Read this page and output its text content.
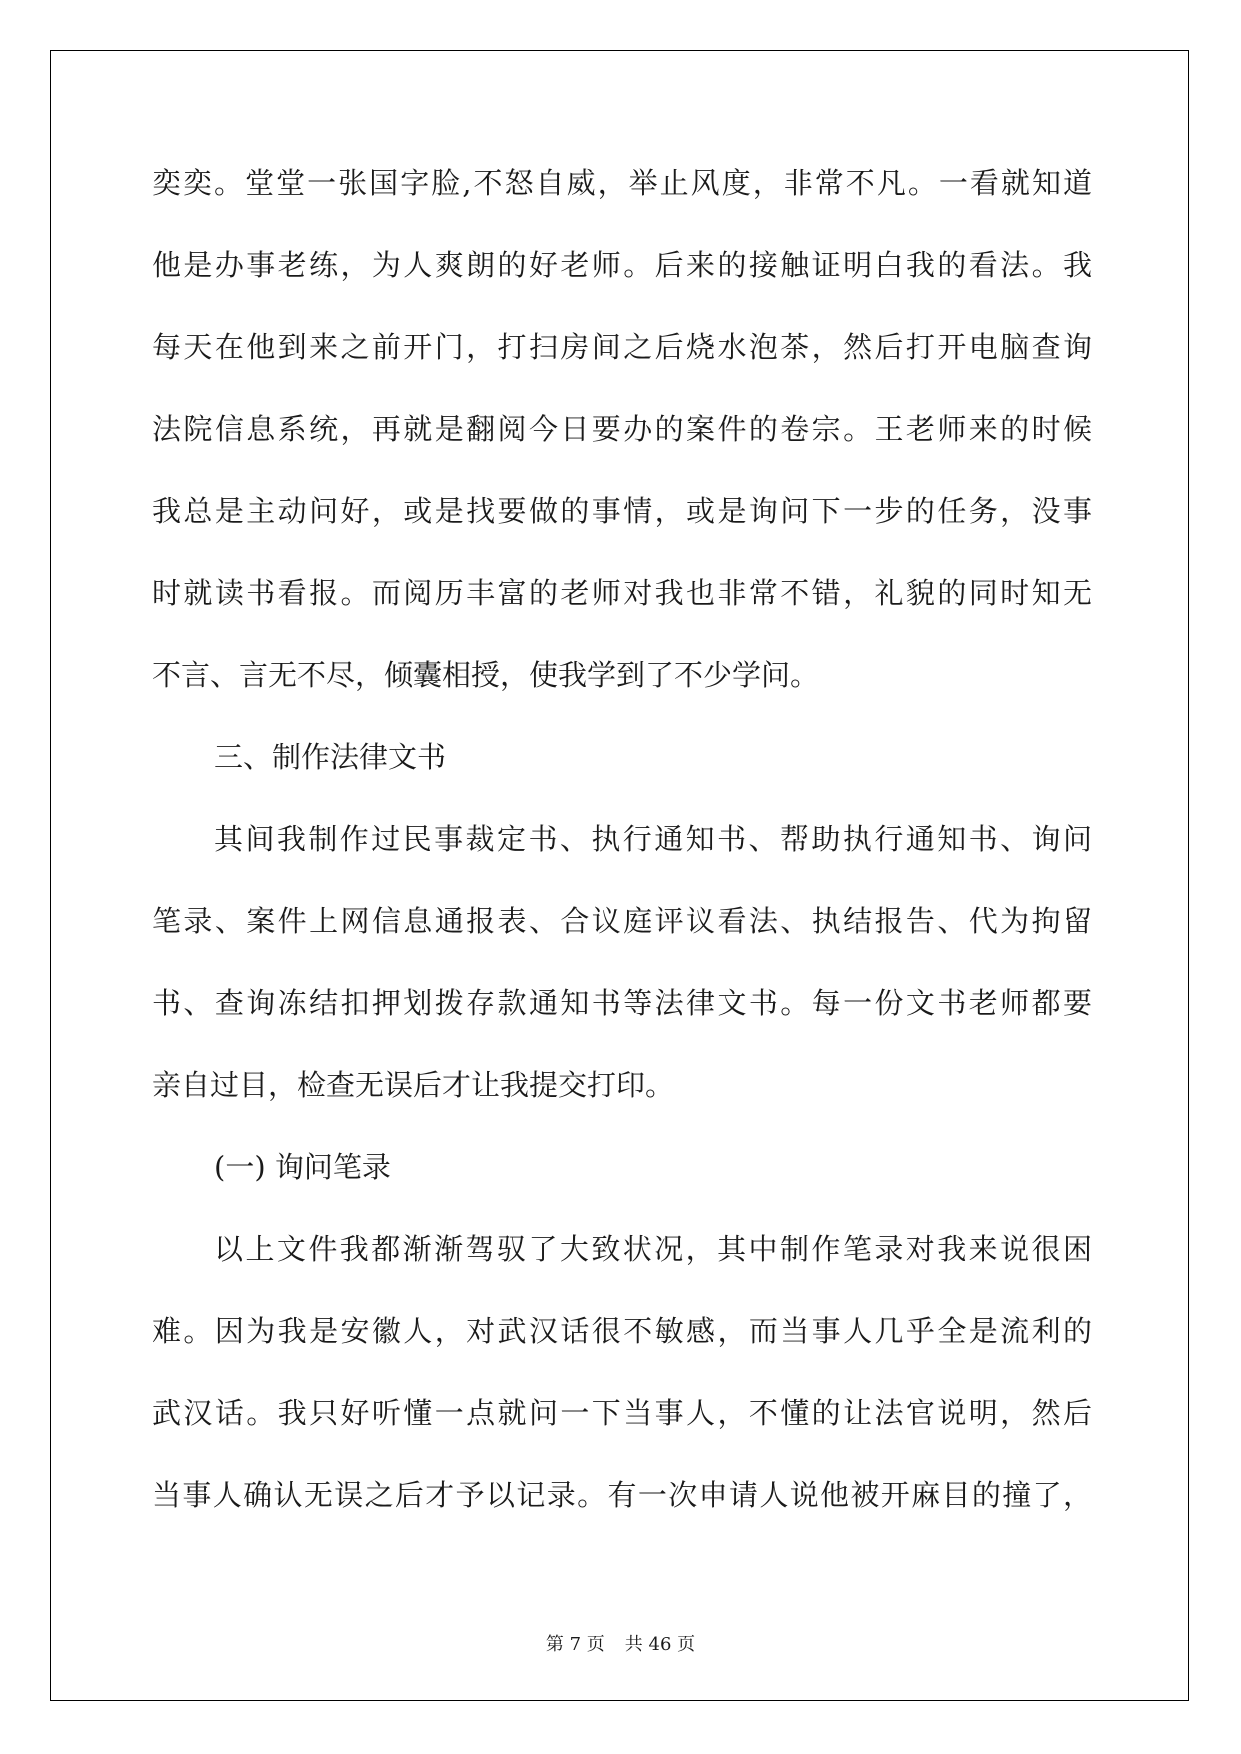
奕奕。堂堂一张国字脸,不怒自威，举止风度，非常不凡。一看就知道
他是办事老练，为人爽朗的好老师。后来的接触证明白我的看法。我
每天在他到来之前开门，打扫房间之后烧水泡茶，然后打开电脑查询
法院信息系统，再就是翻阅今日要办的案件的卷宗。王老师来的时候
我总是主动问好，或是找要做的事情，或是询问下一步的任务，没事
时就读书看报。而阅历丰富的老师对我也非常不错，礼貌的同时知无
不言、言无不尽，倾囊相授，使我学到了不少学问。
三、制作法律文书
其间我制作过民事裁定书、执行通知书、帮助执行通知书、询问
笔录、案件上网信息通报表、合议庭评议看法、执结报告、代为拘留
书、查询冻结扣押划拨存款通知书等法律文书。每一份文书老师都要
亲自过目，检查无误后才让我提交打印。
(一) 询问笔录
以上文件我都渐渐驾驭了大致状况，其中制作笔录对我来说很困
难。因为我是安徽人，对武汉话很不敏感，而当事人几乎全是流利的
武汉话。我只好听懂一点就问一下当事人，不懂的让法官说明，然后
当事人确认无误之后才予以记录。有一次申请人说他被开麻目的撞了，
第 7 页 共 46 页
